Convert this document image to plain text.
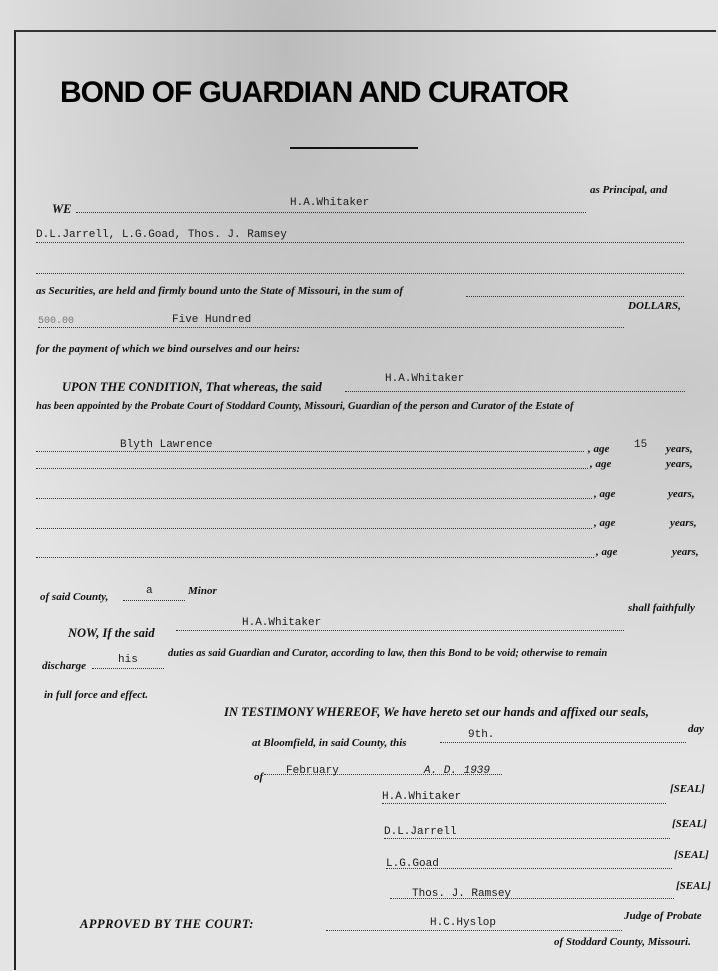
BOND OF GUARDIAN AND CURATOR
WE	H.A.Whitaker
as Principal, and
D.L.Jarrell, L.G.Goad, Thos. J. Ramsey
as Securities, are held and firmly bound unto the State of Missouri, in the sum of
500.00	Five Hundred
DOLLARS,
for the payment of which we bind ourselves and our heirs:
UPON THE CONDITION, That whereas, the said
H.A.Whitaker
has been appointed by the Probate Court of Stoddard County, Missouri, Guardian of the person and Curator of the Estate of
Blyth Lawrence	, age 15 years,
, age	years,
, age	years,
, age	years,
, age	years,
of said County,	a	Minor
NOW, If the said
H.A.Whitaker
shall faithfully
discharge	his
duties as said Guardian and Curator, according to law, then this Bond to be void; otherwise to remain
in full force and effect.
IN TESTIMONY WHEREOF, We have hereto set our hands and affixed our seals,
at Bloomfield, in said County, this
9th.	day
of February	A. D. 1939
H.A.Whitaker
[SEAL]
D.L.Jarrell
[SEAL]
L.G.Goad
[SEAL]
Thos. J. Ramsey
[SEAL]
APPROVED BY THE COURT:	H.C.Hyslop
Judge of Probate
of Stoddard County, Missouri.
